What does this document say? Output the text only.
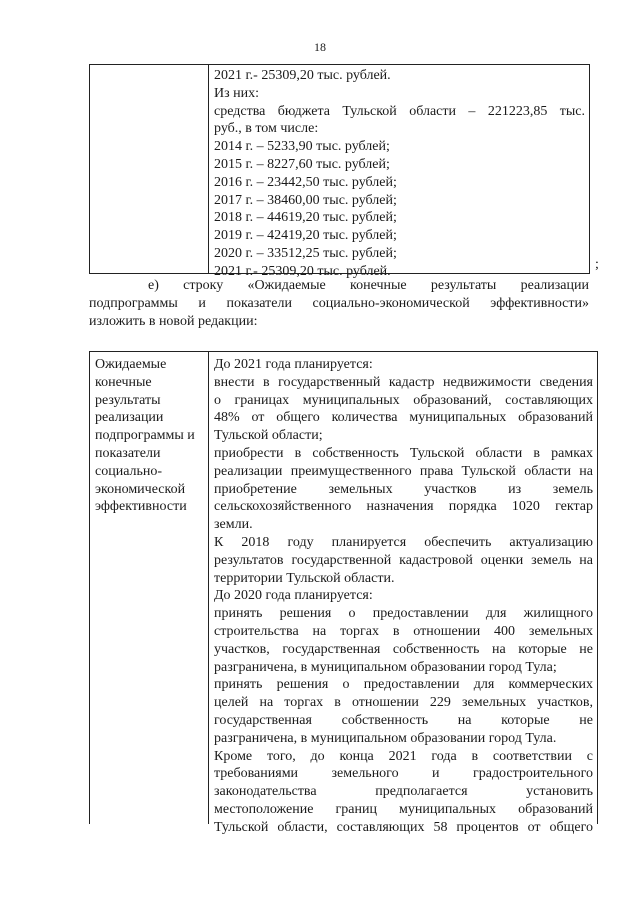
18
2021 г.- 25309,20 тыс. рублей.
Из них:
средства бюджета Тульской области – 221223,85 тыс.
руб., в том числе:
2014 г. – 5233,90 тыс. рублей;
2015 г. – 8227,60 тыс. рублей;
2016 г. – 23442,50 тыс. рублей;
2017 г. – 38460,00 тыс. рублей;
2018 г. – 44619,20 тыс. рублей;
2019 г. – 42419,20 тыс. рублей;
2020 г. – 33512,25 тыс. рублей;
2021 г.- 25309,20 тыс. рублей.	;
е)   строку   «Ожидаемые   конечные   результаты   реализации
подпрограммы и показатели социально-экономической эффективности»
изложить в новой редакции:
Ожидаемые
конечные
результаты
реализации
подпрограммы и
показатели
социально-
экономической
эффективности
До 2021 года планируется:
внести в государственный кадастр недвижимости сведения
о границах муниципальных образований, составляющих
48% от общего количества муниципальных образований
Тульской области;
приобрести в собственность Тульской области в рамках
реализации преимущественного права Тульской области на
приобретение земельных участков из земель
сельскохозяйственного назначения порядка 1020 гектар
земли.
К 2018 году планируется обеспечить актуализацию
результатов государственной кадастровой оценки земель на
территории Тульской области.
До 2020 года планируется:
принять решения о предоставлении для жилищного
строительства на торгах в отношении 400 земельных
участков, государственная собственность на которые не
разграничена, в муниципальном образовании город Тула;
принять решения о предоставлении для коммерческих
целей на торгах в отношении 229 земельных участков,
государственная собственность на которые не
разграничена, в муниципальном образовании город Тула.
Кроме того, до конца 2021 года в соответствии с
требованиями земельного и градостроительного
законодательства предполагается установить
местоположение границ муниципальных образований
Тульской области, составляющих 58 процентов от общего
